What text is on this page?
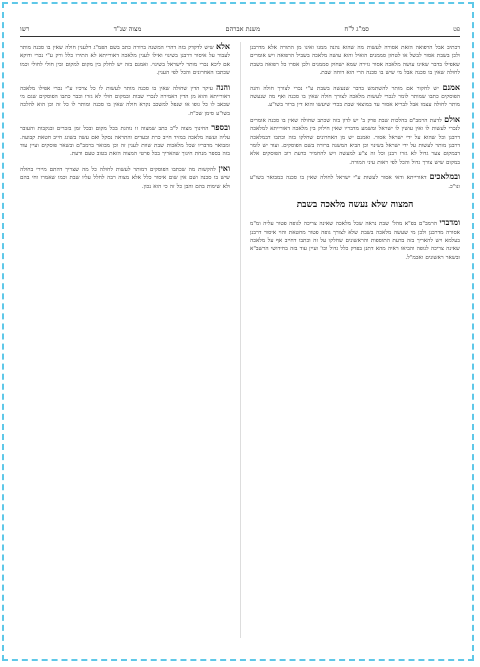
פט
סמ"ג ל"ח
משנת אברהם
מצוה שנ"ד
רשו

דכתיב אבל הרפואה הזאת אסורה לעשות מה שהוא נהנה ממנו ואינו מן התורה אלא מדרבנן ולכן בשבת אסור לבשל או לטחון סממנים הואיל והוא עושה מלאכה בשביל הרפואה ויש אומרים שאפילו בדבר שאינו עושה מלאכה אסור גזירה שמא ישחוק סממנים ולכן אסרו כל רפואה בשבת לחולה שאין בו סכנה אבל מי שיש בו סכנה הרי הוא דוחה שבת.

אמנם יש לחקור אם מותר להשתמש בדבר שנעשה בשבת ע"י נכרי לצורך חולה והנה הפוסקים כתבו שמותר לומר לנכרי לעשות מלאכה לצורך חולה שאין בו סכנה ואף מה שנעשה מותר לחולה עצמו אבל לבריא אסור עד במוצאי שבת בכדי שיעשו והוא דין ברור בשו"ע.

אולם לדעת הרמב"ם בהלכות שבת פרק ב' יש לדון בזה שכתב שחולה שאין בו סכנה אומרים לנכרי לעשות לו ואין עושין לו ישראל ומשמע מדבריו שאין חילוק בין מלאכה דאורייתא למלאכה דרבנן וכל שהוא על ידי ישראל אסור. ואמנם יש מן האחרונים שחלקו בזה וכתבו דבמלאכה דרבנן מותר לעשות על ידי ישראל בשינוי וכן הביא המשנה ברורה בשם הפוסקים. ועוד יש לומר דבמקום צער גדול לא גזרו רבנן וכל זה צ"ע למעשה ויש להחמיר כדעת רוב הפוסקים אלא במקום שיש צורך גדול והכל לפי ראות עיני המורה.

ובמלאכים דאורייתא ודאי אסור לעשות ע"י ישראל לחולה שאין בו סכנה כמבואר בשו"ע ונו"כ.

המצוה שלא נעשה מלאכה בשבת

ומדברי הרמב"ם בפ"א מהל' שבת נראה שכל מלאכה שאינה צריכה לגופה פטור עליה ומ"מ אסורה מדרבנן ולכן מי שעשה מלאכה בשבת שלא לצורך גופה פטור מחטאת והוי איסור דרבנן בעלמא ויש להאריך בזה בדעת התוספות והראשונים שחלקו על זה וכתבו דחייב אף על מלאכה שאינה צריכה לגופה והביאו ראיה מהא דתנן בפרק כלל גדול וכו' ועיין עוד בזה בחידושי הרשב"א ובשאר ראשונים ואכמ"ל.

אלא שיש לדקדק בזה דהרי המשנה ברורה כתב בשם הפמ"ג דלענין חולה שאין בו סכנה מותר לעבור על איסור דרבנן בשינוי ואילו לענין מלאכה דאורייתא לא התירו כלל ורק ע"י נכרי ודוקא אם ליכא נכרי מותר לישראל בשינוי. ואמנם בזה יש לחלק בין מקום למקום ובין חולי לחולי וכמו שכתבו האחרונים והכל לפי הענין.

והנה עיקר הדין שחולה שאין בו סכנה מותר לעשות לו כל צרכיו ע"י נכרי אפילו מלאכה דאורייתא והוא מן הדין דאמירה לנכרי שבות ובמקום חולי לא גזרו וכבר כתבו הפוסקים שגם מי שכאב לו כל גופו או שנפל למשכב נקרא חולה שאין בו סכנה ומותר לו כל זה וכן הוא להלכה בשו"ע סימן שכ"ח.

ובספר החינוך מצוה ל"ב כתב שמצוה זו נוהגת בכל מקום ובכל זמן בזכרים ובנקבות והעובר עליה ועשה מלאכה במזיד חייב כרת ובעדים והתראה נסקל ואם עשה בשוגג חייב חטאת קבועה. ומבואר מדבריו שכל מלאכות שבת שוות לענין זה וכן מבואר ברמב"ם ובשאר פוסקים ועיין עוד בזה בספר מנחת חינוך שהאריך בכל פרטי המצוה הזאת בטוב טעם ודעת.

ואין להקשות מה שכתבו הפוסקים דמותר לעשות לחולה כל מה שצריך דהתם מיירי בחולה שיש בו סכנה ושם אין שום איסור כלל אלא מצוה רבה לחלל עליו שבת וכמו שאמרו וחי בהם ולא שימות בהם והבן כל זה כי הוא נכון.
